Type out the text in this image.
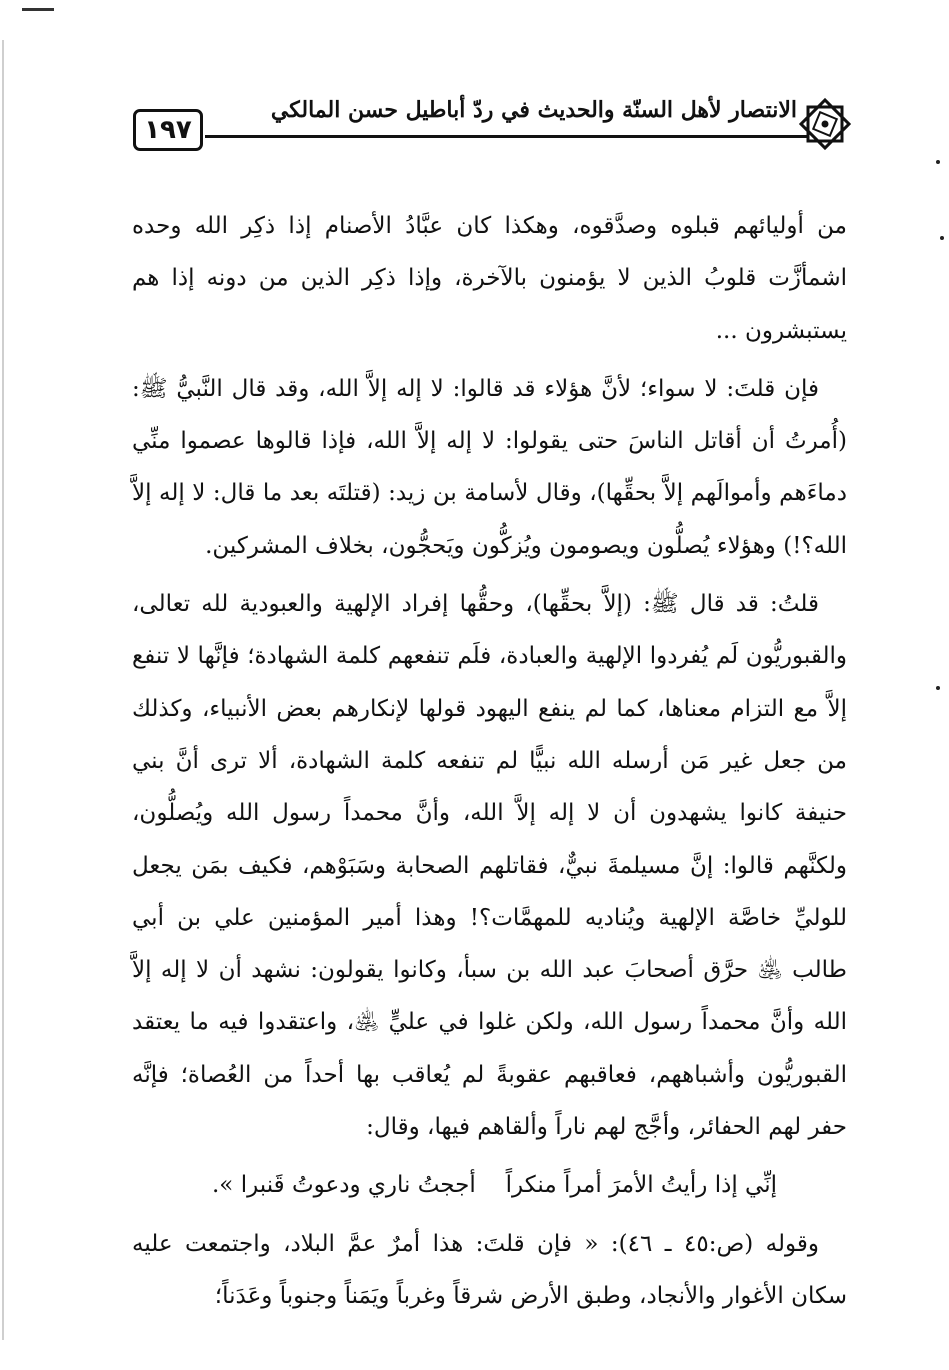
١٩٧
الانتصار لأهل السنّة والحديث في ردّ أباطيل حسن المالكي

من أوليائهم قبلوه وصدَّقوه، وهكذا كان عبَّادُ الأصنام إذا ذكِر الله وحده اشمأزَّت قلوبُ الذين لا يؤمنون بالآخرة، وإذا ذكِر الذين من دونه إذا هم يستبشرون ...

فإن قلتَ: لا سواء؛ لأنَّ هؤلاء قد قالوا: لا إله إلاَّ الله، وقد قال النَّبيُّ ﷺ: (أُمرتُ أن أقاتل الناسَ حتى يقولوا: لا إله إلاَّ الله، فإذا قالوها عصموا منِّي دماءَهم وأموالَهم إلاَّ بحقِّها)، وقال لأسامة بن زيد: (قتلتَه بعد ما قال: لا إله إلاَّ الله؟!) وهؤلاء يُصلُّون ويصومون ويُزكُّون ويَحجُّون، بخلاف المشركين.

قلتُ: قد قال ﷺ: (إلاَّ بحقِّها)، وحقُّها إفراد الإلهية والعبودية لله تعالى، والقبوريُّون لَم يُفردوا الإلهية والعبادة، فلَم تنفعهم كلمة الشهادة؛ فإنَّها لا تنفع إلاَّ مع التزام معناها، كما لم ينفع اليهود قولها لإنكارهم بعض الأنبياء، وكذلك من جعل غير مَن أرسله الله نبيًّا لم تنفعه كلمة الشهادة، ألا ترى أنَّ بني حنيفة كانوا يشهدون أن لا إله إلاَّ الله، وأنَّ محمداً رسول الله ويُصلُّون، ولكنَّهم قالوا: إنَّ مسيلمةَ نبيٌّ، فقاتلهم الصحابة وسَبَوْهم، فكيف بمَن يجعل للوليِّ خاصَّة الإلهية ويُناديه للمهمَّات؟! وهذا أمير المؤمنين علي بن أبي طالب ﵁ حرَّق أصحابَ عبد الله بن سبأ، وكانوا يقولون: نشهد أن لا إله إلاَّ الله وأنَّ محمداً رسول الله، ولكن غلوا في عليٍّ ﵁، واعتقدوا فيه ما يعتقد القبوريُّون وأشباههم، فعاقبهم عقوبةً لم يُعاقب بها أحداً من العُصاة؛ فإنَّه حفر لهم الحفائر، وأجَّج لهم ناراً وألقاهم فيها، وقال:

إنِّي إذا رأيتُ الأمرَ أمراً منكراً
أججتُ ناري ودعوتُ قَنبرا ».

وقوله (ص:٤٥ ـ ٤٦): « فإن قلتَ: هذا أمرٌ عمَّ البلاد، واجتمعت عليه سكان الأغوار والأنجاد، وطبق الأرض شرقاً وغرباً ويَمَناً وجنوباً وعَدَناً؛
